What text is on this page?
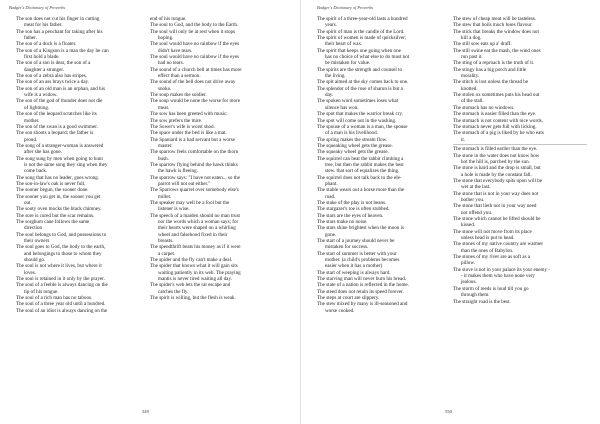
Badger's Dictionary of Proverbs
The son does not cut his finger in cutting
meat for his father.
The son has a penchant for taking after his
father.
The son of a duck is a floater.
The son of a Kingson is a man the day he can
first hold a blade.
The son of a son is dear, the son of a
daughter a stranger.
The son of a zebra also has stripes.
The son of an ass brays twice a day.
The son of an old man is an orphan, and his
wife is a widow.
The son of the god of thunder does not die
of lightning.
The son of the leopard scratches like its
mother.
The son of the swan is a good swimmer.
The son shoots a leopard; the father is
proud.
The song of a stranger-woman is answered
after she has gone.
The song sung by men when going to hunt
is not the same song they sing when they
come back.
The song that has no leader, goes wrong.
The son-in-law's oak is never full.
The sooner begun, the sooner done.
The sooner you get in, the sooner you get
out.
The sooty oven mocks the black chimney.
The sore is cured but the scar remains.
The sorghum cane follows the same
direction
The soul belongs to God, and possessions to
their owners
The soul goes to God, the body to the earth,
and belongings to those to whom they
should go.
The soul is not where it lives, but where it
loves.
The soul is retained in it only by the prayer.
The soul of a feeble is always dancing on the
tip of his tongue.
The soul of a rich man has no taboos.
The soul of a three year old until a hundred.
The soul of an idiot is always dancing on the
end of his tongue.
The soul to God, and the body to the Earth.
The soul will only be at rest when it stops
hoping.
The soul would have no rainbow if the eyes
didn't have tears.
The soul would have no rainbow if the eyes
had no tears.
The sound of a church bell at times has more
effect than a sermon.
The sound of the bell does not drive away
snoko.
The soup makes the soldier.
The soup would be none the worse for more
meat.
The sow has been greeted with music.
The sow prefers the mire.
The Sower's wife is worst shod.
The space under the bed is like a mat.
The Spaniard is a bad servant but a worse
master.
The sparrow feels comfortable on the thorn
bush.
The sparrow flying behind the hawk thinks
the hawk is fleeing.
The sparrow says: "I have not eaten... so the
parrot will not eat either."
The Sparrows quarrel over somebody else's
millet.
The speaker may well be a fool but the
listener is wise.
The speech of a maiden should no man trust
nor the words which a woman says; for
their hearts were shaped on a whirling
wheel and falsehood fixed in their
breasts.
The spendthrift beats his money as if it were
a carpet.
The spider and the fly can't make a deal.
The spider that knows what it will gain sits
waiting patiently in its web. The praying
mantis is never tired waiting all day.
The spider's web lets the rat escape and
catches the fly.
The spirit is willing, but the flesh is weak.
549
Badger's Dictionary of Proverbs
The spirit of a three-year-old lasts a hundred
years.
The spirit of man is the candle of the Lord.
The spirit of women is made of quicksilver;
their heart of wax.
The spirit that keeps one going when one
has no choice of what else to do must not
be mistaken for value.
The spirits are the strength and counsel to
the living.
The spit aimed at the sky comes back to one.
The splendor of the rose of sharon is but a
day.
The spoken word sometimes loses what
silence has won.
The spot that makes the warrior break cry.
The spot will come out in the washing.
The spouse of a woman is a man, the spouse
of a man is his livelihood.
The spring makes the stream flow.
The squeaking wheel gets the grease.
The squeaky wheel gets the grease.
The squirrel can beat the rabbit climbing a
tree, but then the rabbit makes the best
stew. that sort of equalizes the thing.
The squirrel does not talk back to the ele-
phant.
The stable wears out a horse more than the
road.
The stake of the play is not beans.
The stargazer's toe is often stubbed.
The stars are the eyes of heaven.
The stars make no noise.
The stars shine brightest when the moon is
gone.
The start of a journey should never be
mistaken for success.
The start of summer is better with your
mother. (a child's problems becomes
easier when it has a mother)
The start of weeping is always hard.
The starving man will never burn his bread.
The state of a nation is reflected in the home.
The steed does not retain its speed forever.
The steps at court are slippery.
The stew mixed by many is ill-seasoned and
worse cooked.
The stew of cheap meat will be tasteless.
The stew that boils much loses flavour.
The stick that breaks the window does not
kill a dog.
The still sow eats up a' draff.
The still swine eat the mash, the wind ones
run past it.
The sting of a reproach is the truth of it.
The stingy has a big porch and little
morality.
The stitch is lost unless the thread be
knotted.
The stolen ox sometimes puts his head out
of the stall.
The stomach has no windows.
The stomach is easier filled than the eye.
The stomach is not content with nice words.
The stomach never gets full with licking.
The stomach of a pig is liked by he who eats
it.
The stomach is filled earlier than the eye.
The stone in the water does not know how
hot the hill is, parched by the sun.
The stone is hard and the drop is small, but
a hole is made by the constant fall.
The stone that everybody spits upon will be
wet at the last.
The stone that is not in your way does not
bother you.
The stone that lieth not in your way need
not offend you.
The stone which cannot be lifted should be
kissed.
The stone will not move from its place
unless head is put to head.
The stones of my native country are warmer
than the ones of Babylon.
The stones of my river are as soft as a
pillow.
The stove is not in your palace its your enemy -
- it makes them who have none very
jealous.
The storm of reeds is loud till you go
through them.
The straight road is the best.
550
